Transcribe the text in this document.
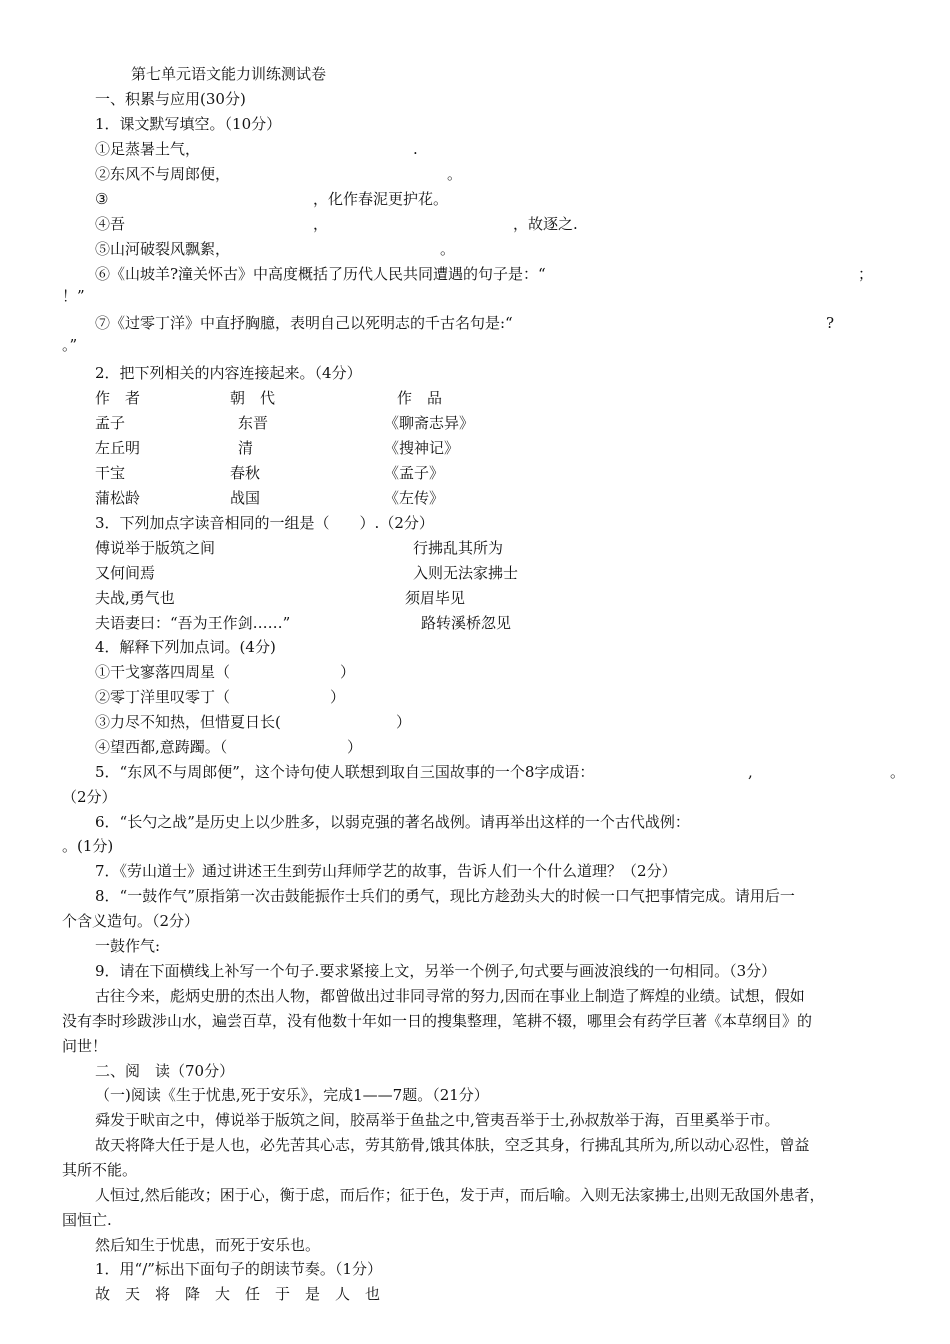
第七单元语文能力训练测试卷
一、积累与应用(30分)
1．课文默写填空。（10分）
①足蒸暑土气，	.
②东风不与周郎便，	。
③	，化作春泥更护花。
④吾	，	，故逐之.
⑤山河破裂风飘絮，	。
⑥《山坡羊?潼关怀古》中高度概括了历代人民共同遭遇的句子是：“	；
！”
⑦《过零丁洋》中直抒胸臆，表明自己以死明志的千古名句是:“	?
。”
2．把下列相关的内容连接起来。（4分）
作　者	朝　代	作　品
孟子	东晋	《聊斋志异》
左丘明	清	《搜神记》
干宝	春秋	《孟子》
蒲松龄	战国	《左传》
3．下列加点字读音相同的一组是（　　）.（2分）
傅说举于版筑之间	行拂乱其所为
又何间焉	入则无法家拂士
夫战,勇气也	须眉毕见
夫语妻曰：“吾为王作剑……”	路转溪桥忽见
4．解释下列加点词。(4分)
①干戈寥落四周星（	）
②零丁洋里叹零丁（	）
③力尽不知热，但惜夏日长(	）
④望西都,意踌躅。（	）
5．“东风不与周郎便”，这个诗句使人联想到取自三国故事的一个8字成语：	,	。
（2分）
6．“长勺之战”是历史上以少胜多，以弱克强的著名战例。请再举出这样的一个古代战例：
。(1分)
7．《劳山道士》通过讲述王生到劳山拜师学艺的故事，告诉人们一个什么道理？（2分）
8．“一鼓作气”原指第一次击鼓能振作士兵们的勇气，现比方趁劲头大的时候一口气把事情完成。请用后一
个含义造句。（2分）
一鼓作气:
9．请在下面横线上补写一个句子.要求紧接上文，另举一个例子,句式要与画波浪线的一句相同。（3分）
古往今来，彪炳史册的杰出人物，都曾做出过非同寻常的努力,因而在事业上制造了辉煌的业绩。试想，假如
没有李时珍跋涉山水，遍尝百草，没有他数十年如一日的搜集整理，笔耕不辍，哪里会有药学巨著《本草纲目》的
问世！
二、阅　读（70分）
（一)阅读《生于忧患,死于安乐》，完成1——7题。（21分）
舜发于畎亩之中，傅说举于版筑之间，胶鬲举于鱼盐之中,管夷吾举于士,孙叔敖举于海，百里奚举于市。
故天将降大任于是人也，必先苦其心志，劳其筋骨,饿其体肤，空乏其身，行拂乱其所为,所以动心忍性，曾益
其所不能。
人恒过,然后能改；困于心，衡于虑，而后作；征于色，发于声，而后喻。入则无法家拂士,出则无敌国外患者，
国恒亡.
然后知生于忧患，而死于安乐也。
1．用“/”标出下面句子的朗读节奏。（1分）
故天将降大任于是人也
